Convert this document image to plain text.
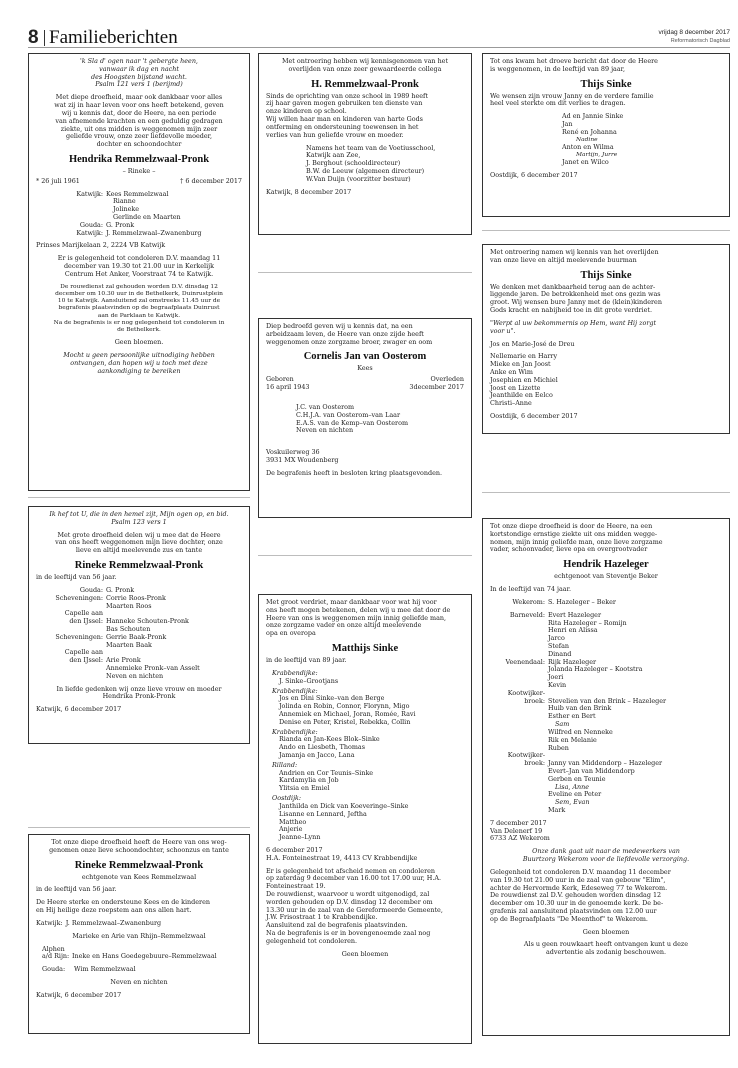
8 Familieberichten	vrijdag 8 december 2017
Reformatorisch Dagblad
'k Sla d' ogen naar 't gebergte heen,
vanwaar ik dag en nacht
des Hoogsten bijstand wacht.
Psalm 121 vers 1 (berijmd)
Met diepe droefheid, maar ook dankbaar voor alles
wat zij in haar leven voor ons heeft betekend, geven
wij u kennis dat, door de Heere, na een periode
van afnemende krachten en een geduldig gedragen
ziekte, uit ons midden is weggenomen mijn zeer
geliefde vrouw, onze zeer liefdevolle moeder,
dochter en schoondochter
Hendrika Remmelzwaal-Pronk
– Rineke –
* 26 juli 1961	† 6 december 2017
Katwijk: Kees Remmelzwaal
Rianne
Jolineke
Gerlinde en Maarten
Gouda: G. Pronk
Katwijk: J. Remmelzwaal–Zwanenburg
Prinses Marijkelaan 2, 2224 VB Katwijk
Er is gelegenheid tot condoleren D.V. maandag 11
december van 19.30 tot 21.00 uur in Kerkelijk
Centrum Het Anker, Voorstraat 74 te Katwijk.
De rouwdienst zal gehouden worden D.V. dinsdag 12
december om 10.30 uur in de Bethelkerk, Duinrustplein
10 te Katwijk. Aansluitend zal omstreeks 11.45 uur de
begrafenis plaatsvinden op de begraafplaats Duinrust
aan de Parklaan te Katwijk.
Na de begrafenis is er nog gelegenheid tot condoleren in
de Bethelkerk.
Geen bloemen.
Mocht u geen persoonlijke uitnodiging hebben
ontvangen, dan hopen wij u toch met deze
aankondiging te bereiken
Met ontroering hebben wij kennisgenomen van het
overlijden van onze zeer gewaardeerde collega
H. Remmelzwaal-Pronk
Sinds de oprichting van onze school in 1989 heeft
zij haar gaven mogen gebruiken ten dienste van
onze kinderen op school.
Wij willen haar man en kinderen van harte Gods
ontferming en ondersteuning toewensen in het
verlies van hun geliefde vrouw en moeder.
Namens het team van de Voetiusschool,
Katwijk aan Zee,
J. Berghout (schooldirecteur)
B.W. de Leeuw (algemeen directeur)
W.Van Duijn (voorzitter bestuur)
Katwijk, 8 december 2017
Tot ons kwam het droeve bericht dat door de Heere
is weggenomen, in de leeftijd van 89 jaar,
Thijs Sinke
We wensen zijn vrouw Janny en de verdere familie
heel veel sterkte om dit verlies te dragen.
Ad en Jannie Sinke
Jan
René en Johanna
Nadine
Anton en Wilma
Martijn, Jurre
Janet en Wilco
Oostdijk, 6 december 2017
Met ontroering namen wij kennis van het overlijden
van onze lieve en altijd meelevende buurman
Thijs Sinke
We denken met dankbaarheid terug aan de achter-
liggende jaren. De betrokkenheid met ons gezin was
groot. Wij wensen bure Janny met de (klein)kinderen
Gods kracht en nabijheid toe in dit grote verdriet.
"Werpt al uw bekommernis op Hem, want Hij zorgt
voor u".
Jos en Marie-José de Dreu
Nellemarie en Harry
Mieke en Jan Joost
Anke en Wim
Josephien en Michiel
Joost en Lizette
Jeanthilde en Eelco
Christi–Anne
Oostdijk, 6 december 2017
Diep bedroefd geven wij u kennis dat, na een
arbeidzaam leven, de Heere van onze zijde heeft
weggenomen onze zorgzame broer, zwager en oom
Cornelis Jan van Oosterom
Kees
Geboren
16 april 1943
Overleden
3december 2017
J.C. van Oosterom
C.H.J.A. van Oosterom–van Laar
E.A.S. van de Kemp–van Oosterom
Neven en nichten
Voskuilerweg 36
3931 MX Woudenberg
De begrafenis heeft in besloten kring plaatsgevonden.
Ik hef tot U, die in den hemel zijt, Mijn ogen op, en bid.
Psalm 123 vers 1
Met grote droefheid delen wij u mee dat de Heere
van ons heeft weggenomen mijn lieve dochter, onze
lieve en altijd meelevende zus en tante
Rineke Remmelzwaal-Pronk
in de leeftijd van 56 jaar.
Gouda: G. Pronk
Scheveningen: Corrie Roos-Pronk
Maarten Roos
Capelle aan
den IJssel:
Hanneke Schouten-Pronk
Bas Schouten
Scheveningen: Gerrie Baak-Pronk
Maarten Baak
Capelle aan
den IJssel:
Arie Pronk
Annemieke Pronk–van Asselt
Neven en nichten
In liefde gedenken wij onze lieve vrouw en moeder
Hendrika Pronk-Pronk
Katwijk, 6 december 2017
Met groot verdriet, maar dankbaar voor wat hij voor
ons heeft mogen betekenen, delen wij u mee dat door de
Heere van ons is weggenomen mijn innig geliefde man,
onze zorgzame vader en onze altijd meelevende
opa en overopa
Matthijs Sinke
in de leeftijd van 89 jaar.
Krabbendijke:
J. Sinke–Grootjans
Krabbendijke:
Jos en Dini Sinke–van den Berge
Jolinda en Robin, Connor, Florynn, Migo
Annemiek en Michael, Joran, Romée, Ravi
Denise en Peter, Kristel, Rebekka, Collin
Krabbendijke:
Rianda en Jan-Kees Blok–Sinke
Ando en Liesbeth, Thomas
Jamanja en Jacco, Lana
Rilland:
Andrien en Cor Teunis–Sinke
Kardamylia en Job
Ylitsia en Emiel
Oostdijk:
Janthilda en Dick van Koeveringe–Sinke
Lisanne en Lennard, Jeftha
Mattheo
Anjerie
Jeanne–Lynn
6 december 2017
H.A. Fonteinestraat 19, 4413 CV Krabbendijke
Er is gelegenheid tot afscheid nemen en condoleren
op zaterdag 9 december van 16.00 tot 17.00 uur, H.A.
Fonteinestraat 19.
De rouwdienst, waarvoor u wordt uitgenodigd, zal
worden gehouden op D.V. dinsdag 12 december om
13.30 uur in de zaal van de Gereformeerde Gemeente,
J.W. Frisostraat 1 te Krabbendijke.
Aansluitend zal de begrafenis plaatsvinden.
Na de begrafenis is er in bovengenoemde zaal nog
gelegenheid tot condoleren.
Geen bloemen
Tot onze diepe droefheid is door de Heere, na een
kortstondige ernstige ziekte uit ons midden wegge-
nomen, mijn innig geliefde man, onze lieve zorgzame
vader, schoonvader, lieve opa en overgrootvader
Hendrik Hazeleger
echtgenoot van Steventje Beker
In de leeftijd van 74 jaar.
Wekerom: S. Hazeleger – Beker
Barneveld: Evert Hazeleger
Rita Hazeleger – Romijn
Henri en Alissa
Jarco
Stefan
Dinand
Veenendaal: Rijk Hazeleger
Jolanda Hazeleger – Kootstra
Joeri
Kevin
Kootwijker-
broek:
Stevelien van den Brink – Hazeleger
Huib van den Brink
Esther en Bert
Sam
Wilfred en Nenneke
Rik en Melanie
Ruben
Kootwijker-
broek:
Janny van Middendorp – Hazeleger
Evert–Jan van Middendorp
Gerben en Teunie
Lisa, Anne
Eveline en Peter
Sem, Evan
Mark
7 december 2017
Van Delenerf 19
6733 AZ Wekerom
Onze dank gaat uit naar de medewerkers van
Buurtzorg Wekerom voor de liefdevolle verzorging.
Gelegenheid tot condoleren D.V. maandag 11 december
van 19.30 tot 21.00 uur in de zaal van gebouw "Elim",
achter de Hervormde Kerk, Edeseweg 77 te Wekerom.
De rouwdienst zal D.V. gehouden worden dinsdag 12
december om 10.30 uur in de genoemde kerk. De be-
grafenis zal aansluitend plaatsvinden om 12.00 uur
op de Begraafplaats "De Meenthof" te Wekerom.
Geen bloemen
Als u geen rouwkaart heeft ontvangen kunt u deze
advertentie als zodanig beschouwen.
Tot onze diepe droefheid heeft de Heere van ons weg-
genomen onze lieve schoondochter, schoonzus en tante
Rineke Remmelzwaal-Pronk
echtgenote van Kees Remmelzwaal
in de leeftijd van 56 jaar.
De Heere sterke en ondersteune Kees en de kinderen
en Hij heilige deze roepstem aan ons allen hart.
Katwijk: J. Remmelzwaal–Zwanenburg
Marieke en Arie van Rhijn–Remmelzwaal
Alphen a/d Rijn: Ineke en Hans Goedegebuure–Remmelzwaal
Gouda:	Wim Remmelzwaal
Neven en nichten
Katwijk, 6 december 2017
